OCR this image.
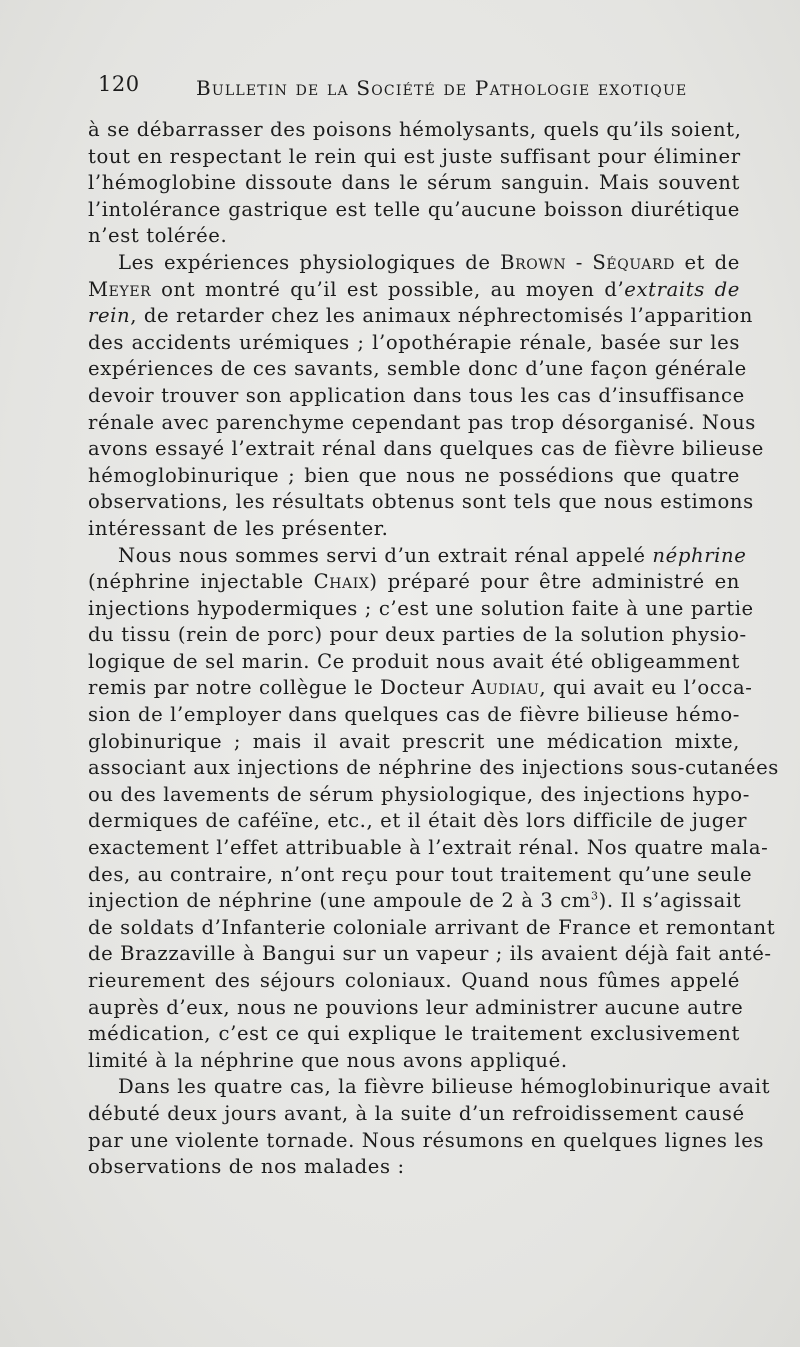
120	Bulletin de la Société de Pathologie exotique
à se débarrasser des poisons hémolysants, quels qu’ils soient,
tout en respectant le rein qui est juste suffisant pour éliminer
l’hémoglobine dissoute dans le sérum sanguin. Mais souvent
l’intolérance gastrique est telle qu’aucune boisson diurétique
n’est tolérée.
Les expériences physiologiques de Brown - Séquard et de
Meyer ont montré qu’il est possible, au moyen d’extraits de
rein, de retarder chez les animaux néphrectomisés l’apparition
des accidents urémiques ; l’opothérapie rénale, basée sur les
expériences de ces savants, semble donc d’une façon générale
devoir trouver son application dans tous les cas d’insuffisance
rénale avec parenchyme cependant pas trop désorganisé. Nous
avons essayé l’extrait rénal dans quelques cas de fièvre bilieuse
hémoglobinurique ; bien que nous ne possédions que quatre
observations, les résultats obtenus sont tels que nous estimons
intéressant de les présenter.
Nous nous sommes servi d’un extrait rénal appelé néphrine
(néphrine injectable Chaix) préparé pour être administré en
injections hypodermiques ; c’est une solution faite à une partie
du tissu (rein de porc) pour deux parties de la solution physio-
logique de sel marin. Ce produit nous avait été obligeamment
remis par notre collègue le Docteur Audiau, qui avait eu l’occa-
sion de l’employer dans quelques cas de fièvre bilieuse hémo-
globinurique ; mais il avait prescrit une médication mixte,
associant aux injections de néphrine des injections sous-cutanées
ou des lavements de sérum physiologique, des injections hypo-
dermiques de caféïne, etc., et il était dès lors difficile de juger
exactement l’effet attribuable à l’extrait rénal. Nos quatre mala-
des, au contraire, n’ont reçu pour tout traitement qu’une seule
injection de néphrine (une ampoule de 2 à 3 $cm^3$). Il s’agissait
de soldats d’Infanterie coloniale arrivant de France et remontant
de Brazzaville à Bangui sur un vapeur ; ils avaient déjà fait anté-
rieurement des séjours coloniaux. Quand nous fûmes appelé
auprès d’eux, nous ne pouvions leur administrer aucune autre
médication, c’est ce qui explique le traitement exclusivement
limité à la néphrine que nous avons appliqué.
Dans les quatre cas, la fièvre bilieuse hémoglobinurique avait
débuté deux jours avant, à la suite d’un refroidissement causé
par une violente tornade. Nous résumons en quelques lignes les
observations de nos malades :
